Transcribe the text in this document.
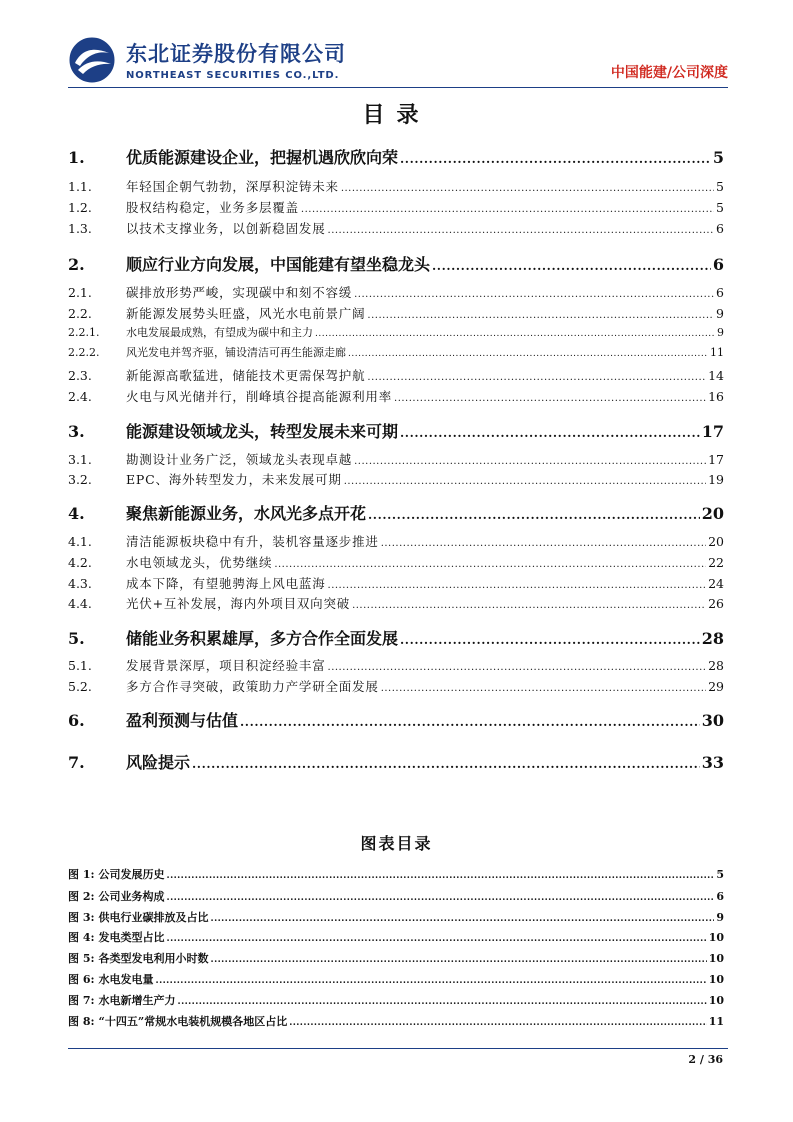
东北证券股份有限公司
NORTHEAST SECURITIES CO.,LTD.	中国能建/公司深度
目录
1.	优质能源建设企业，把握机遇欣欣向荣 .....	5
1.1.	年轻国企朝气勃勃，深厚积淀铸未来 .....	5
1.2.	股权结构稳定，业务多层覆盖 .....	5
1.3.	以技术支撑业务，以创新稳固发展 .....	6
2.	顺应行业方向发展，中国能建有望坐稳龙头 .....	6
2.1.	碳排放形势严峻，实现碳中和刻不容缓 .....	6
2.2.	新能源发展势头旺盛，风光水电前景广阔 .....	9
2.2.1.	水电发展最成熟，有望成为碳中和主力 .....	9
2.2.2.	风光发电并驾齐驱，铺设清洁可再生能源走廊 .....	11
2.3.	新能源高歌猛进，储能技术更需保驾护航 .....	14
2.4.	火电与风光储并行，削峰填谷提高能源利用率 .....	16
3.	能源建设领域龙头，转型发展未来可期 .....	17
3.1.	勘测设计业务广泛，领域龙头表现卓越 .....	17
3.2.	EPC、海外转型发力，未来发展可期 .....	19
4.	聚焦新能源业务，水风光多点开花 .....	20
4.1.	清洁能源板块稳中有升，装机容量逐步推进 .....	20
4.2.	水电领域龙头，优势继续 .....	22
4.3.	成本下降，有望驰骋海上风电蓝海 .....	24
4.4.	光伏+互补发展，海内外项目双向突破 .....	26
5.	储能业务积累雄厚，多方合作全面发展 .....	28
5.1.	发展背景深厚，项目积淀经验丰富 .....	28
5.2.	多方合作寻突破，政策助力产学研全面发展 .....	29
6.	盈利预测与估值 .....	30
7.	风险提示 .....	33
图表目录
图 1: 公司发展历史 .....	5
图 2: 公司业务构成 .....	6
图 3: 供电行业碳排放及占比 .....	9
图 4: 发电类型占比 .....	10
图 5: 各类型发电利用小时数 .....	10
图 6: 水电发电量 .....	10
图 7: 水电新增生产力 .....	10
图 8: “十四五”常规水电装机规模各地区占比 .....	11
2 / 36
